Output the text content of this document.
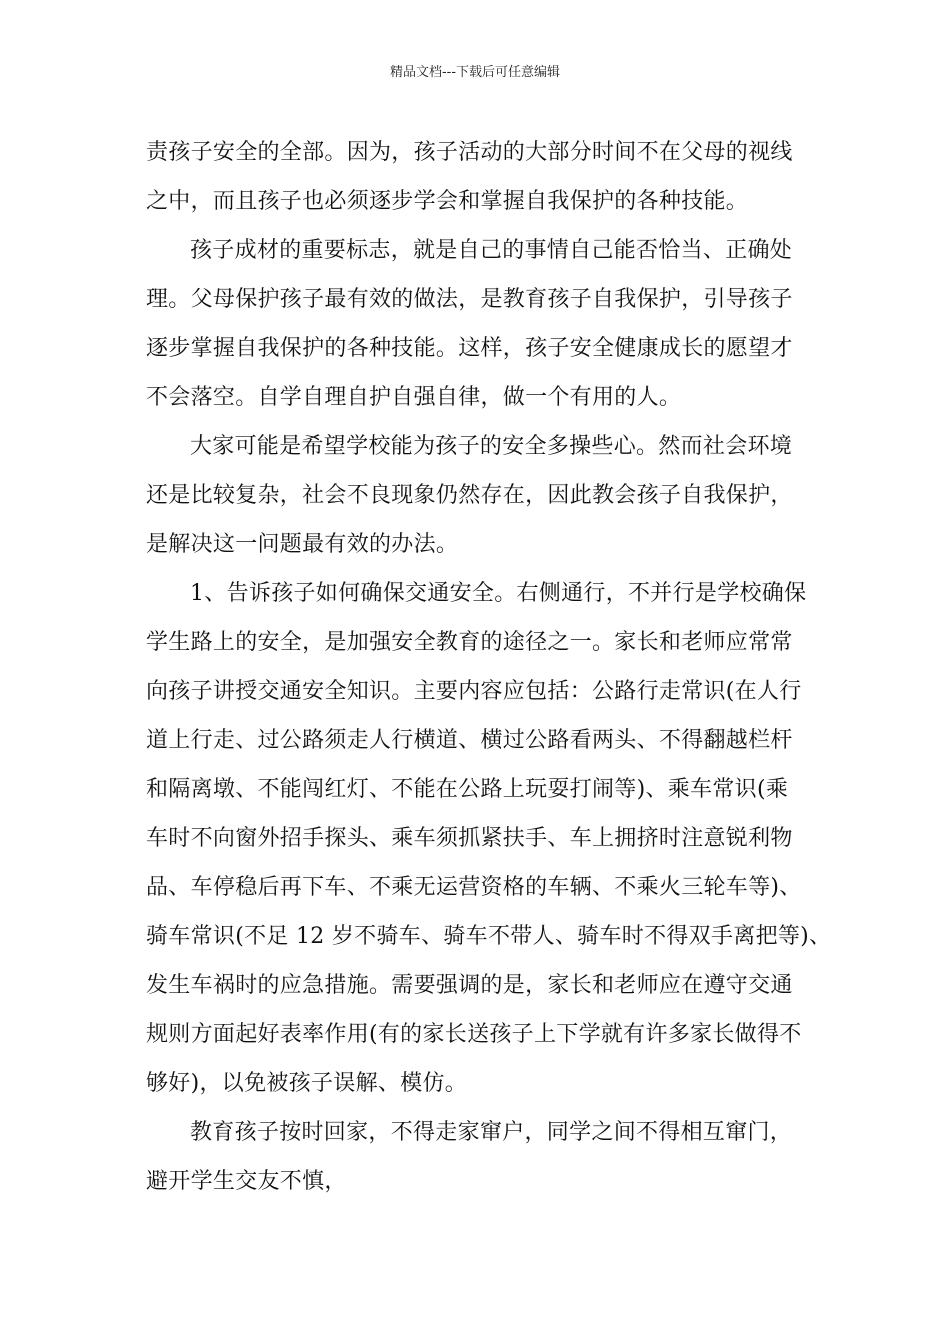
精品文档---下载后可任意编辑
责孩子安全的全部。因为，孩子活动的大部分时间不在父母的视线
之中，而且孩子也必须逐步学会和掌握自我保护的各种技能。
孩子成材的重要标志，就是自己的事情自己能否恰当、正确处
理。父母保护孩子最有效的做法，是教育孩子自我保护，引导孩子
逐步掌握自我保护的各种技能。这样，孩子安全健康成长的愿望才
不会落空。自学自理自护自强自律，做一个有用的人。
大家可能是希望学校能为孩子的安全多操些心。然而社会环境
还是比较复杂，社会不良现象仍然存在，因此教会孩子自我保护，
是解决这一问题最有效的办法。
1、告诉孩子如何确保交通安全。右侧通行，不并行是学校确保
学生路上的安全，是加强安全教育的途径之一。家长和老师应常常
向孩子讲授交通安全知识。主要内容应包括：公路行走常识(在人行
道上行走、过公路须走人行横道、横过公路看两头、不得翻越栏杆
和隔离墩、不能闯红灯、不能在公路上玩耍打闹等)、乘车常识(乘
车时不向窗外招手探头、乘车须抓紧扶手、车上拥挤时注意锐利物
品、车停稳后再下车、不乘无运营资格的车辆、不乘火三轮车等)、
骑车常识(不足 12 岁不骑车、骑车不带人、骑车时不得双手离把等)、
发生车祸时的应急措施。需要强调的是，家长和老师应在遵守交通
规则方面起好表率作用(有的家长送孩子上下学就有许多家长做得不
够好)，以免被孩子误解、模仿。
教育孩子按时回家，不得走家窜户，同学之间不得相互窜门，
避开学生交友不慎，
